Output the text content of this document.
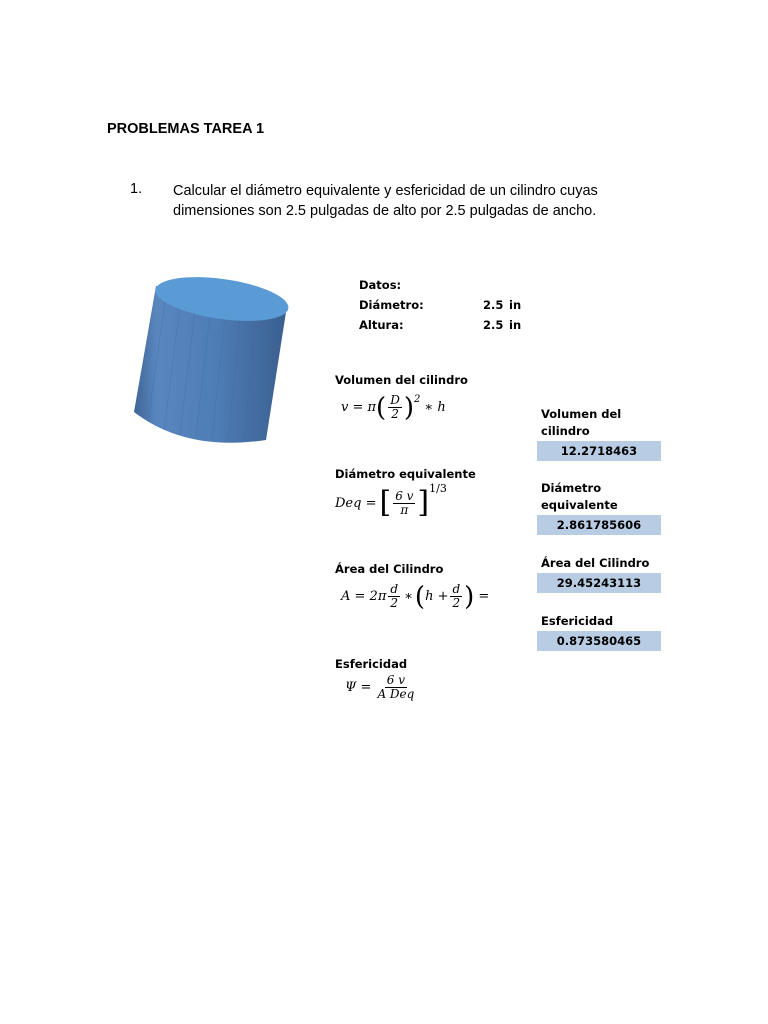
PROBLEMAS TAREA 1
1. Calcular el diámetro equivalente y esfericidad de un cilindro cuyas dimensiones son 2.5 pulgadas de alto por 2.5 pulgadas de ancho.
Datos:
Diámetro:	2.5 in
Altura:	2.5 in
Volumen del cilindro
v = π ( $\frac{D}{2} )^2$
∗ h
Diámetro equivalente
Deq = [ $\frac{6 v}{\pi}$ ] 1/3
Área del Cilindro
$A = 2\pi \frac{d}{2}$ ∗ ( $h + \frac{d}{2}$ ) =
Esfericidad
$\Psi = \frac{6 v}{\text{A Deq}}$
Volumen del cilindro
12.2718463
Diámetro equivalente
2.861785606
Área del Cilindro
29.45243113
Esfericidad
0.873580465
